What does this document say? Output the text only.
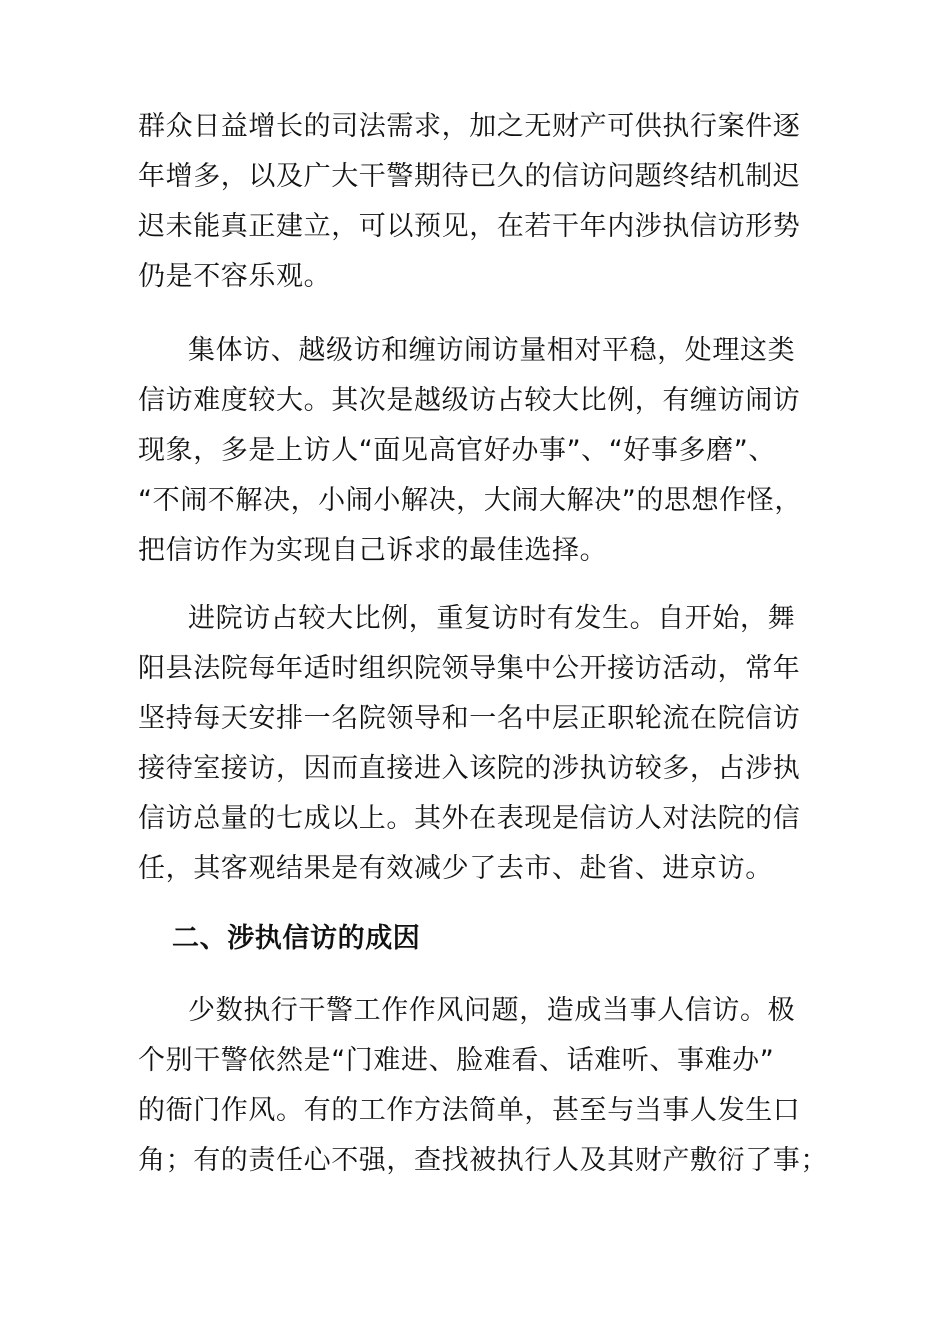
群众日益增长的司法需求，加之无财产可供执行案件逐
年增多，以及广大干警期待已久的信访问题终结机制迟
迟未能真正建立，可以预见，在若干年内涉执信访形势
仍是不容乐观。
集体访、越级访和缠访闹访量相对平稳，处理这类
信访难度较大。其次是越级访占较大比例，有缠访闹访
现象，多是上访人“面见高官好办事”、“好事多磨”、
“不闹不解决，小闹小解决，大闹大解决”的思想作怪，
把信访作为实现自己诉求的最佳选择。
进院访占较大比例，重复访时有发生。自开始，舞
阳县法院每年适时组织院领导集中公开接访活动，常年
坚持每天安排一名院领导和一名中层正职轮流在院信访
接待室接访，因而直接进入该院的涉执访较多，占涉执
信访总量的七成以上。其外在表现是信访人对法院的信
任，其客观结果是有效减少了去市、赴省、进京访。
二、涉执信访的成因
少数执行干警工作作风问题，造成当事人信访。极
个别干警依然是“门难进、脸难看、话难听、事难办”
的衙门作风。有的工作方法简单，甚至与当事人发生口
角；有的责任心不强，查找被执行人及其财产敷衍了事；
